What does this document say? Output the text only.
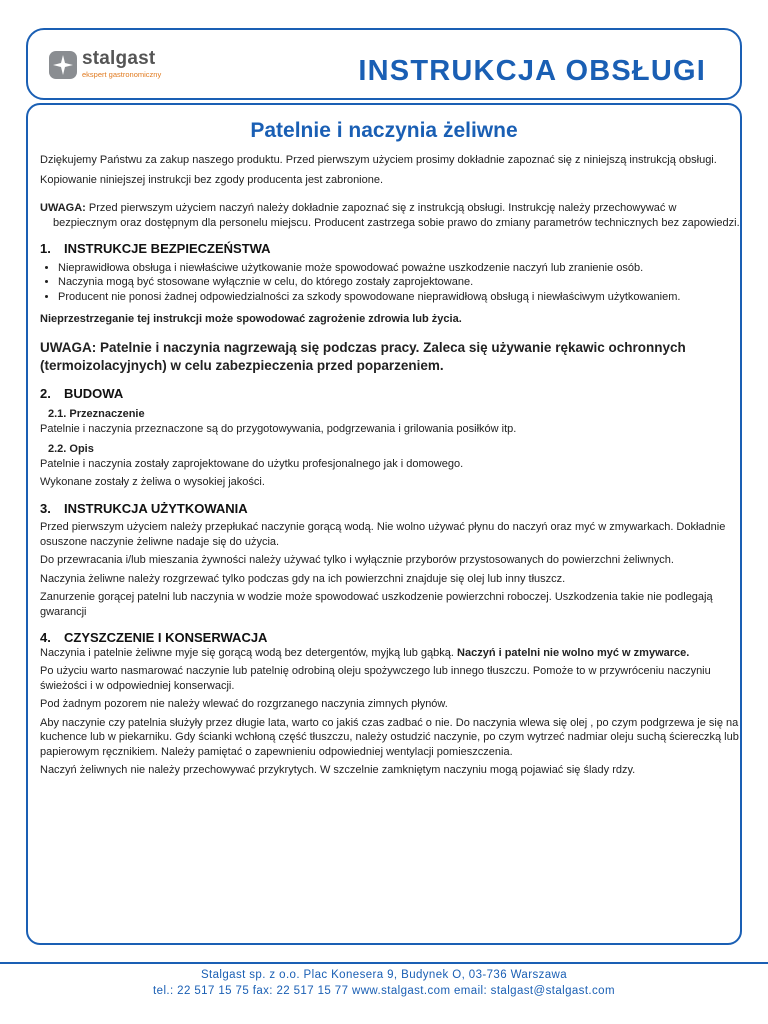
stalgast
ekspert gastronomiczny	INSTRUKCJA OBSŁUGI
Patelnie i naczynia żeliwne

Dziękujemy Państwu za zakup naszego produktu. Przed pierwszym użyciem prosimy dokładnie zapoznać się z niniejszą instrukcją obsługi.

Kopiowanie niniejszej instrukcji bez zgody producenta jest zabronione.

UWAGA: Przed pierwszym użyciem naczyń należy dokładnie zapoznać się z instrukcją obsługi. Instrukcję należy przechowywać w bezpiecznym oraz dostępnym dla personelu miejscu. Producent zastrzega sobie prawo do zmiany parametrów technicznych bez zapowiedzi.

1. INSTRUKCJE BEZPIECZEŃSTWA

• Nieprawidłowa obsługa i niewłaściwe użytkowanie może spowodować poważne uszkodzenie naczyń lub zranienie osób.
• Naczynia mogą być stosowane wyłącznie w celu, do którego zostały zaprojektowane.
• Producent nie ponosi żadnej odpowiedzialności za szkody spowodowane nieprawidłową obsługą i niewłaściwym użytkowaniem.

Nieprzestrzeganie tej instrukcji może spowodować zagrożenie zdrowia lub życia.

UWAGA: Patelnie i naczynia nagrzewają się podczas pracy. Zaleca się używanie rękawic ochronnych (termoizolacyjnych) w celu zabezpieczenia przed poparzeniem.

2. BUDOWA

2.1. Przeznaczenie

Patelnie i naczynia przeznaczone są do przygotowywania, podgrzewania i grilowania posiłków itp.

2.2. Opis

Patelnie i naczynia zostały zaprojektowane do użytku profesjonalnego jak i domowego.

Wykonane zostały z żeliwa o wysokiej jakości.

3. INSTRUKCJA UŻYTKOWANIA

Przed pierwszym użyciem należy przepłukać naczynie gorącą wodą. Nie wolno używać płynu do naczyń oraz myć w zmywarkach. Dokładnie osuszone naczynie żeliwne nadaje się do użycia.

Do przewracania i/lub mieszania żywności należy używać tylko i wyłącznie przyborów przystosowanych do powierzchni żeliwnych.

Naczynia żeliwne należy rozgrzewać tylko podczas gdy na ich powierzchni znajduje się olej lub inny tłuszcz.

Zanurzenie gorącej patelni lub naczynia w wodzie może spowodować uszkodzenie powierzchni roboczej. Uszkodzenia takie nie podlegają gwarancji

4. CZYSZCZENIE I KONSERWACJA

Naczynia i patelnie żeliwne myje się gorącą wodą bez detergentów, myjką lub gąbką. Naczyń i patelni nie wolno myć w zmywarce.

Po użyciu warto nasmarować naczynie lub patelnię odrobiną oleju spożywczego lub innego tłuszczu. Pomoże to w przywróceniu naczyniu świeżości i w odpowiedniej konserwacji.

Pod żadnym pozorem nie należy wlewać do rozgrzanego naczynia zimnych płynów.

Aby naczynie czy patelnia służyły przez długie lata, warto co jakiś czas zadbać o nie. Do naczynia wlewa się olej , po czym podgrzewa je się na kuchence lub w piekarniku. Gdy ścianki wchłoną część tłuszczu, należy ostudzić naczynie, po czym wytrzeć nadmiar oleju suchą ściereczką lub papierowym ręcznikiem. Należy pamiętać o zapewnieniu odpowiedniej wentylacji pomieszczenia.

Naczyń żeliwnych nie należy przechowywać przykrytych. W szczelnie zamkniętym naczyniu mogą pojawiać się ślady rdzy.

Stalgast sp. z o.o. Plac Konesera 9, Budynek O, 03-736 Warszawa
tel.: 22 517 15 75 fax: 22 517 15 77 www.stalgast.com email: stalgast@stalgast.com
